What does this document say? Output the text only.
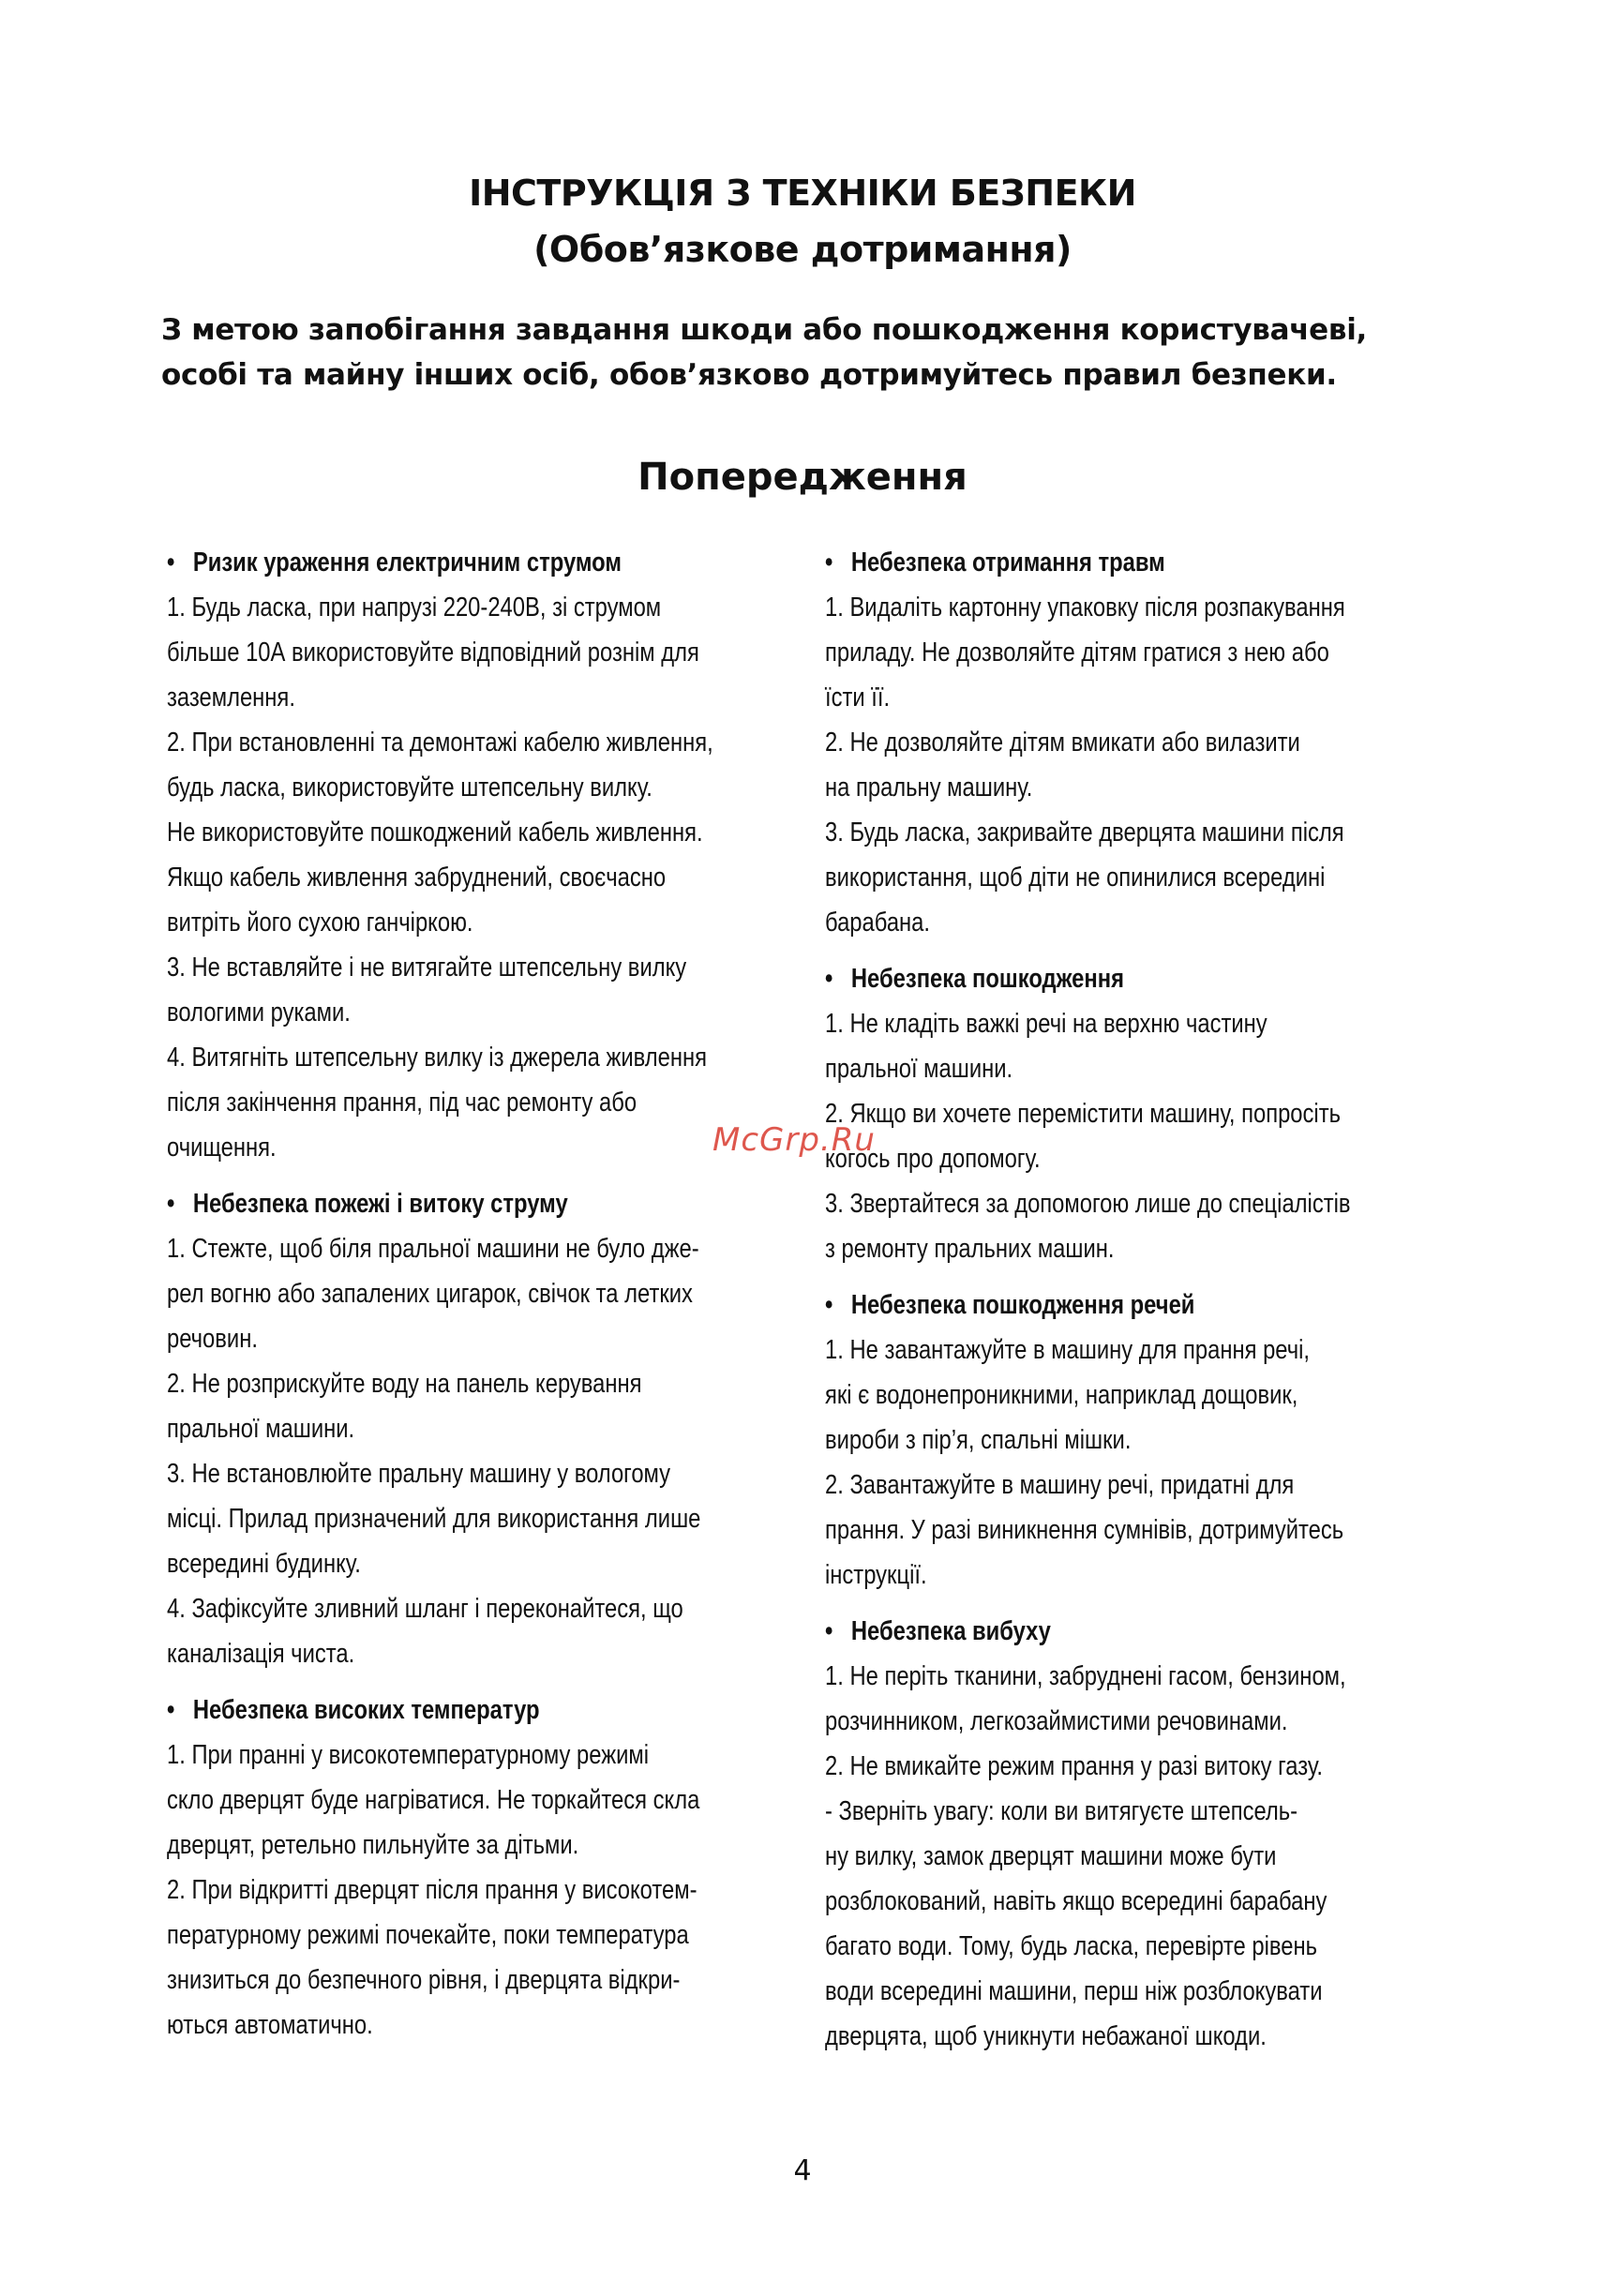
ІНСТРУКЦІЯ З ТЕХНІКИ БЕЗПЕКИ
(Обов’язкове дотримання)
З метою запобігання завдання шкоди або пошкодження користувачеві,
особі та майну інших осіб, обов’язково дотримуйтесь правил безпеки.
Попередження
• Ризик ураження електричним струмом
1. Будь ласка, при напрузі 220-240В, зі струмом
більше 10А використовуйте відповідний рознім для
заземлення.
2. При встановленні та демонтажі кабелю живлення,
будь ласка, використовуйте штепсельну вилку.
Не використовуйте пошкоджений кабель живлення.
Якщо кабель живлення забруднений, своєчасно
витріть його сухою ганчіркою.
3. Не вставляйте і не витягайте штепсельну вилку
вологими руками.
4. Витягніть штепсельну вилку із джерела живлення
після закінчення прання, під час ремонту або
очищення.
• Небезпека пожежі і витоку струму
1. Стежте, щоб біля пральної машини не було дже-
рел вогню або запалених цигарок, свічок та летких
речовин.
2. Не розприскуйте воду на панель керування
пральної машини.
3. Не встановлюйте пральну машину у вологому
місці. Прилад призначений для використання лише
всередині будинку.
4. Зафіксуйте зливний шланг і переконайтеся, що
каналізація чиста.
• Небезпека високих температур
1. При пранні у високотемпературному режимі
скло дверцят буде нагріватися. Не торкайтеся скла
дверцят, ретельно пильнуйте за дітьми.
2. При відкритті дверцят після прання у високотем-
пературному режимі почекайте, поки температура
знизиться до безпечного рівня, і дверцята відкри-
ються автоматично.
• Небезпека отримання травм
1. Видаліть картонну упаковку після розпакування
приладу. Не дозволяйте дітям гратися з нею або
їсти її.
2. Не дозволяйте дітям вмикати або вилазити
на пральну машину.
3. Будь ласка, закривайте дверцята машини після
використання, щоб діти не опинилися всередині
барабана.
• Небезпека пошкодження
1. Не кладіть важкі речі на верхню частину
пральної машини.
2. Якщо ви хочете перемістити машину, попросіть
когось про допомогу.
3. Звертайтеся за допомогою лише до спеціалістів
з ремонту пральних машин.
• Небезпека пошкодження речей
1. Не завантажуйте в машину для прання речі,
які є водонепроникними, наприклад дощовик,
вироби з пір’я, спальні мішки.
2. Завантажуйте в машину речі, придатні для
прання. У разі виникнення сумнівів, дотримуйтесь
інструкції.
• Небезпека вибуху
1. Не періть тканини, забруднені гасом, бензином,
розчинником, легкозаймистими речовинами.
2. Не вмикайте режим прання у разі витоку газу.
- Зверніть увагу: коли ви витягуєте штепсель-
ну вилку, замок дверцят машини може бути
розблокований, навіть якщо всередині барабану
багато води. Тому, будь ласка, перевірте рівень
води всередині машини, перш ніж розблокувати
дверцята, щоб уникнути небажаної шкоди.
McGrp.Ru
4
